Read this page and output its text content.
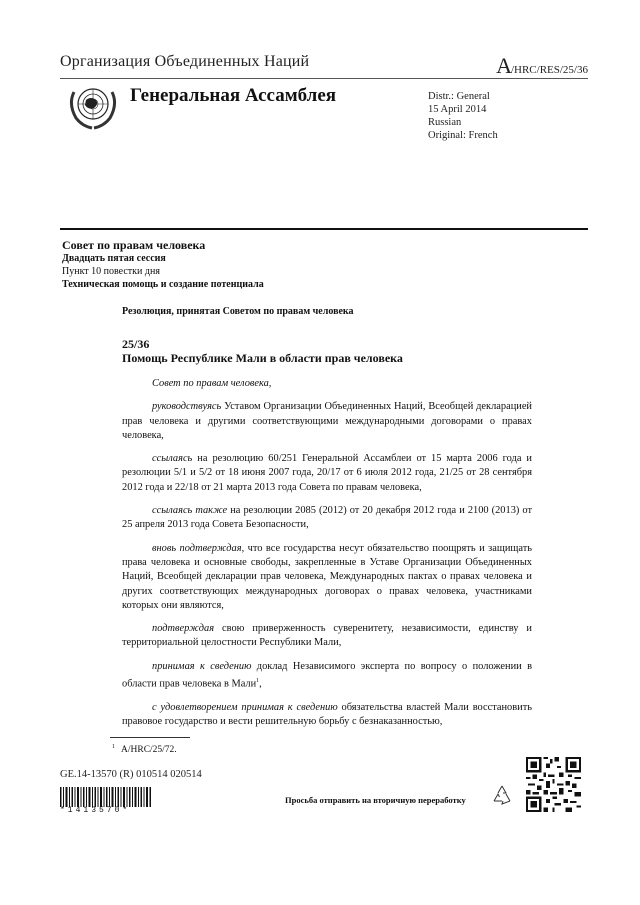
Организация Объединенных Наций	A/HRC/RES/25/36
Генеральная Ассамблея	Distr.: General
15 April 2014
Russian
Original: French
Совет по правам человека
Двадцать пятая сессия
Пункт 10 повестки дня
Техническая помощь и создание потенциала
Резолюция, принятая Советом по правам человека
25/36
Помощь Республике Мали в области прав человека

Совет по правам человека,

руководствуясь Уставом Организации Объединенных Наций, Всеобщей декларацией прав человека и другими соответствующими международными договорами о правах человека,

ссылаясь на резолюцию 60/251 Генеральной Ассамблеи от 15 марта 2006 года и резолюции 5/1 и 5/2 от 18 июня 2007 года, 20/17 от 6 июля 2012 года, 21/25 от 28 сентября 2012 года и 22/18 от 21 марта 2013 года Совета по правам человека,

ссылаясь также на резолюции 2085 (2012) от 20 декабря 2012 года и 2100 (2013) от 25 апреля 2013 года Совета Безопасности,

вновь подтверждая, что все государства несут обязательство поощрять и защищать права человека и основные свободы, закрепленные в Уставе Организации Объединенных Наций, Всеобщей декларации прав человека, Международных пактах о правах человека и других соответствующих международных договорах о правах человека, участниками которых они являются,

подтверждая свою приверженность суверенитету, независимости, единству и территориальной целостности Республики Мали,

принимая к сведению доклад Независимого эксперта по вопросу о положении в области прав человека в Мали$^1$,

с удовлетворением принимая к сведению обязательства властей Мали восстановить правовое государство и вести решительную борьбу с безнаказанностью,

$^1$ A/HRC/25/72.
GE.14-13570 (R) 010514 020514
*1413570*
Просьба отправить на вторичную переработку
